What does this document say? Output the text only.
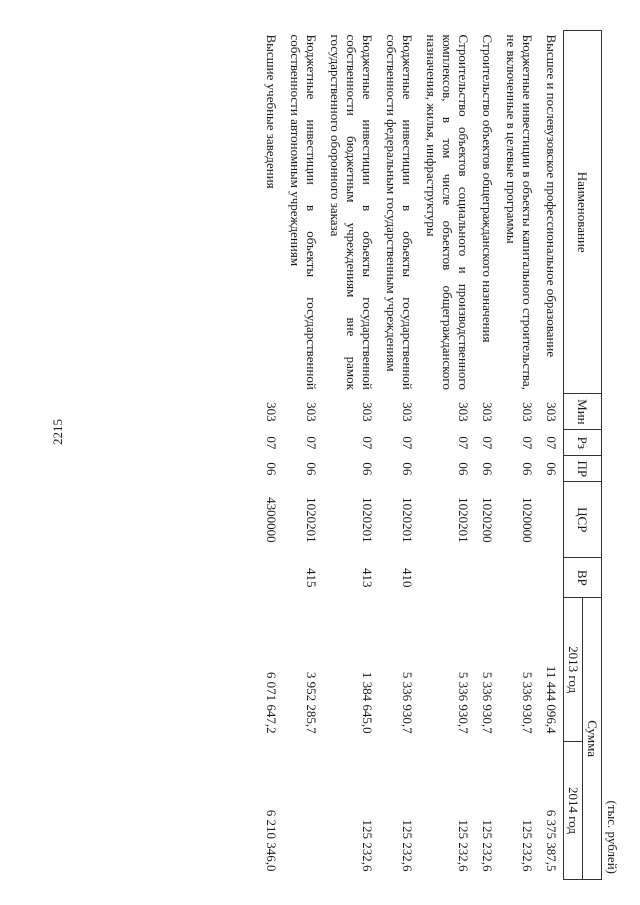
2215
(тыс. рублей)
Наименование	Мин	Рз	ПР	ЦСР	ВР	Сумма	
						2013 год	2014 год
Высшее и послевузовское профессиональное образование	303	07	06			11 444 096,4	6 375 387,5
Бюджетные инвестиции в объекты капитального строительства, не включенные в целевые программы	303	07	06	1020000		5 336 930,7	125 232,6
Строительство объектов общегражданского назначения	303	07	06	1020200		5 336 930,7	125 232,6
Строительство объектов социального и производственного комплексов, в том числе объектов общегражданского назначения, жилья, инфраструктуры	303	07	06	1020201		5 336 930,7	125 232,6
Бюджетные инвестиции в объекты государственной собственности федеральным государственным учреждениям	303	07	06	1020201	410	5 336 930,7	125 232,6
Бюджетные инвестиции в объекты государственной собственности бюджетным учреждениям вне рамок государственного оборонного заказа	303	07	06	1020201	413	1 384 645,0	125 232,6
Бюджетные инвестиции в объекты государственной собственности автономным учреждениям	303	07	06	1020201	415	3 952 285,7	
Высшие учебные заведения	303	07	06	4300000		6 071 647,2	6 210 346,0
